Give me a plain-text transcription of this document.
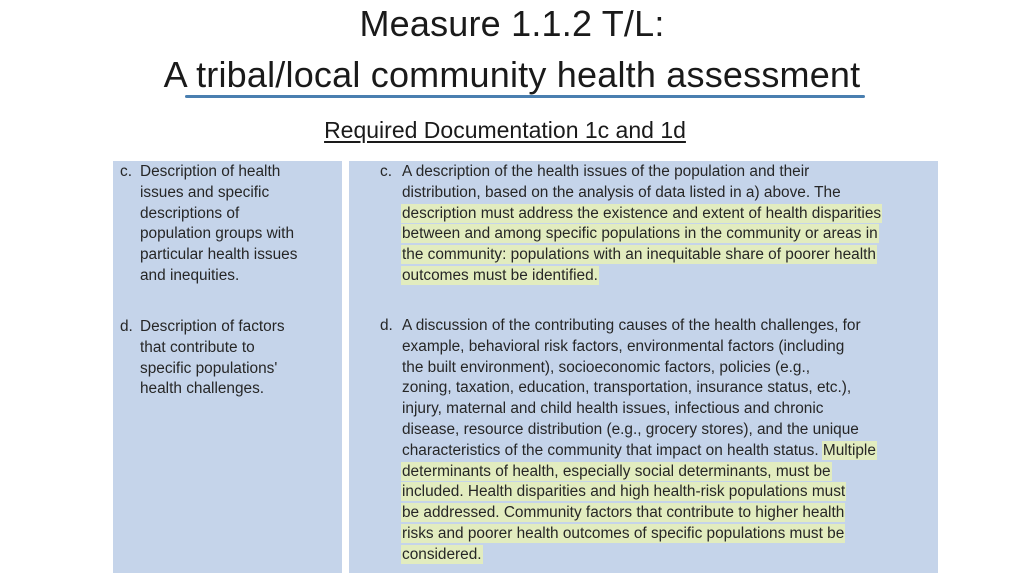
Measure 1.1.2 T/L:
A tribal/local community health assessment
Required Documentation 1c and 1d
c. Description of health
issues and specific
descriptions of
population groups with
particular health issues
and inequities.
d. Description of factors
that contribute to
specific populations'
health challenges.
c. A description of the health issues of the population and their
distribution, based on the analysis of data listed in a) above. The
description must address the existence and extent of health disparities
between and among specific populations in the community or areas in
the community: populations with an inequitable share of poorer health
outcomes must be identified.
d. A discussion of the contributing causes of the health challenges, for
example, behavioral risk factors, environmental factors (including
the built environment), socioeconomic factors, policies (e.g.,
zoning, taxation, education, transportation, insurance status, etc.),
injury, maternal and child health issues, infectious and chronic
disease, resource distribution (e.g., grocery stores), and the unique
characteristics of the community that impact on health status. Multiple
determinants of health, especially social determinants, must be
included. Health disparities and high health-risk populations must
be addressed. Community factors that contribute to higher health
risks and poorer health outcomes of specific populations must be
considered.
